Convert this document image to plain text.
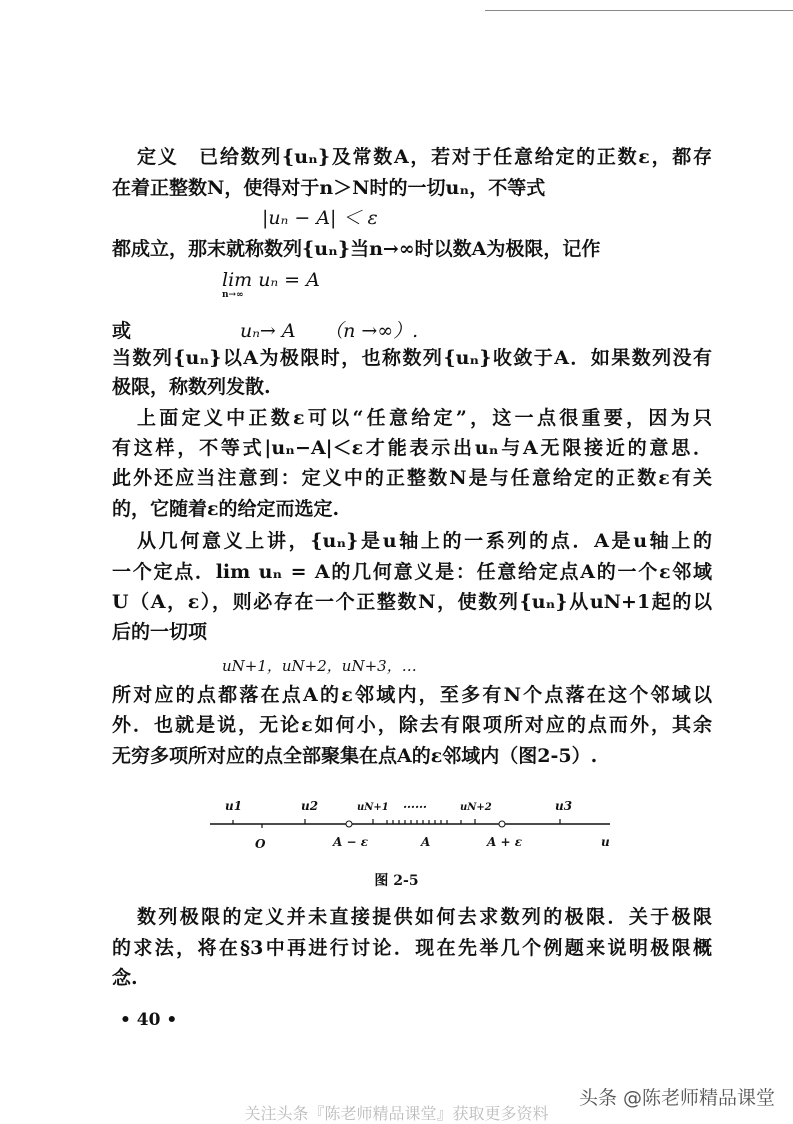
定义　已给数列{uₙ}及常数A，若对于任意给定的正数ε，都存
在着正整数N，使得对于n＞N时的一切uₙ，不等式
|uₙ − A| ＜ ε
都成立，那末就称数列{uₙ}当n→∞时以数A为极限，记作
lim uₙ = A
n→∞
或	uₙ→ A　　（n →∞）.
当数列{uₙ}以A为极限时，也称数列{uₙ}收敛于A．如果数列没有
极限，称数列发散.
上面定义中正数ε可以“任意给定”，这一点很重要，因为只
有这样，不等式|uₙ−A|＜ε才能表示出uₙ与A无限接近的意思．
此外还应当注意到：定义中的正整数N是与任意给定的正数ε有关
的，它随着ε的给定而选定.
从几何意义上讲，{uₙ}是u轴上的一系列的点．A是u轴上的
一个定点．lim uₙ = A的几何意义是：任意给定点A的一个ε邻域
U（A，ε），则必存在一个正整数N，使数列{uₙ}从uN+1起的以
后的一切项
uN+1，uN+2，uN+3，…
所对应的点都落在点A的ε邻域内，至多有N个点落在这个邻域以
外．也就是说，无论ε如何小，除去有限项所对应的点而外，其余
无穷多项所对应的点全部聚集在点A的ε邻域内（图2-5）.
u1	u2	uN+1 ……	uN+2	u3
O	A − ε	A	A + ε	u
图 2-5
数列极限的定义并未直接提供如何去求数列的极限．关于极限
的求法，将在§3中再进行讨论．现在先举几个例题来说明极限概
念.
• 40 •
头条 @陈老师精品课堂
关注头条『陈老师精品课堂』获取更多资料
